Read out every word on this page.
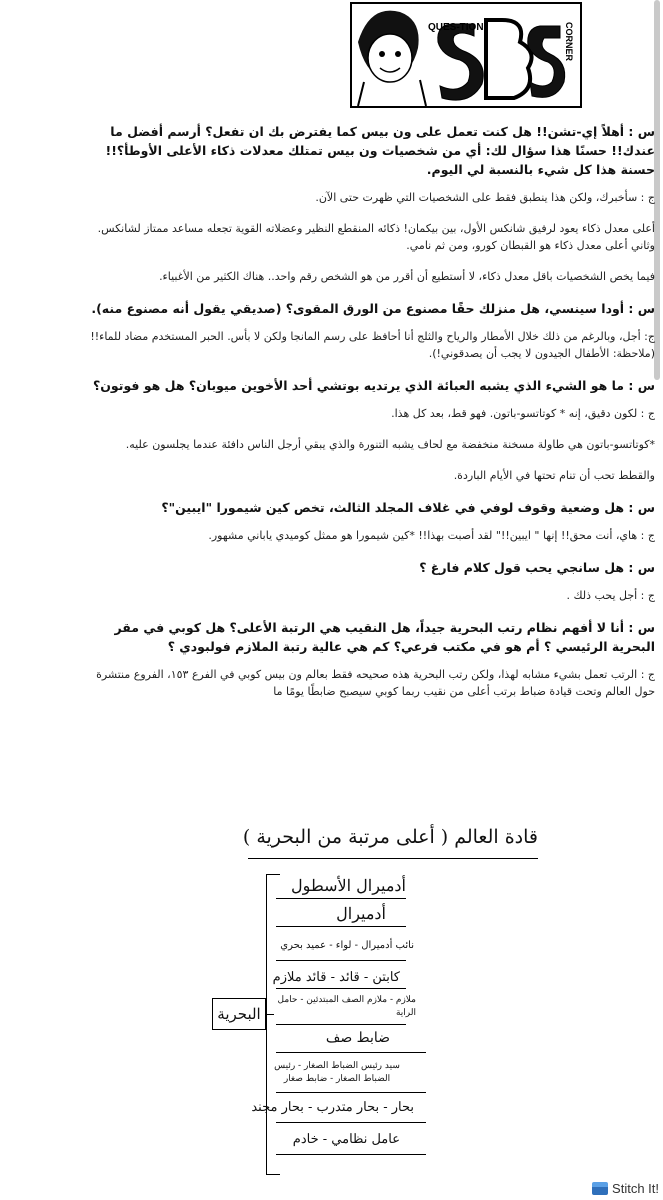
QUES-TION	CORNER

س : أهلاً إي-تشن!! هل كنت تعمل على ون بيس كما يفترض بك ان تفعل؟ أرسم أفضل ما عندك!! حسنًا هذا سؤال لك: أي من شخصيات ون بيس تمتلك معدلات ذكاء الأعلى الأوطأ؟!! حسنة هذا كل شيء بالنسبة لي اليوم.

ج : سأخبرك، ولكن هذا ينطبق فقط على الشخصيات التي ظهرت حتى الآن.

أعلى معدل ذكاء يعود لرفيق شانكس الأول، بين بيكمان! ذكائه المنقطع النظير وعضلاته القوية تجعله مساعد ممتاز لشانكس. وثاني أعلى معدل ذكاء هو القبطان كورو، ومن ثم نامي.

فيما يخص الشخصيات باقل معدل ذكاء، لا أستطيع أن أقرر من هو الشخص رقم واحد.. هناك الكثير من الأغبياء.

س : أودا سينسي، هل منزلك حقًا مصنوع من الورق المقوى؟ (صديقي يقول أنه مصنوع منه).

ج: أجل، وبالرغم من ذلك خلال الأمطار والرياح والثلج أنا أحافظ على رسم المانجا ولكن لا بأس. الحبر المستخدم مضاد للماء!! (ملاحظة: الأطفال الجيدون لا يجب أن يصدقوني!).

س : ما هو الشيء الذي يشبه العبائة الذي يرتديه بوتشي أحد الأخوين ميوبان؟ هل هو فوتون؟

ج : لكون دقيق، إنه * كوتاتسو-باتون. فهو قط، بعد كل هذا.

*كوتاتسو-باتون هي طاولة مسخنة منخفضة مع لحاف يشبه التنورة والذي يبقي أرجل الناس دافئة عندما يجلسون عليه.

والقطط تحب أن تنام تحتها في الأيام الباردة.

س : هل وضعية وقوف لوفي في غلاف المجلد الثالث، تخص كين شيمورا "ايبين"؟

ج : هاي، أنت محق!! إنها " ايبين!!" لقد أصبت بهذا!! *كين شيمورا هو ممثل كوميدي ياباني مشهور.

س : هل سانجي يحب قول كلام فارغ ؟

ج : أجل يحب ذلك .

س : أنا لا أفهم نظام رتب البحرية جيداً، هل النقيب هي الرتبة الأعلى؟ هل كوبي في مقر البحرية الرئيسي ؟ أم هو في مكتب فرعي؟ كم هي عالية رتبة الملازم فولبودي ؟

ج : الرتب تعمل بشيء مشابه لهذا، ولكن رتب البحرية هذه صحيحه فقط بعالم ون بيس كوبي في الفرع ١٥٣، الفروع منتشرة حول العالم وتحت قيادة ضباط برتب أعلى من نقيب ربما كوبي سيصبح ضابطًا يومًا ما

قادة العالم ( أعلى مرتبة من البحرية )
البحرية
أدميرال الأسطول
أدميرال
نائب أدميرال - لواء - عميد بحري
كابتن - قائد - قائد ملازم
ملازم - ملازم الصف المبتدئين - حامل الراية
ضابط صف
سيد رئيس الضباط الصغار - رئيس الضباط الصغار - ضابط صغار
بحار - بحار متدرب - بحار مجند
عامل نظامي - خادم
Stitch It!
